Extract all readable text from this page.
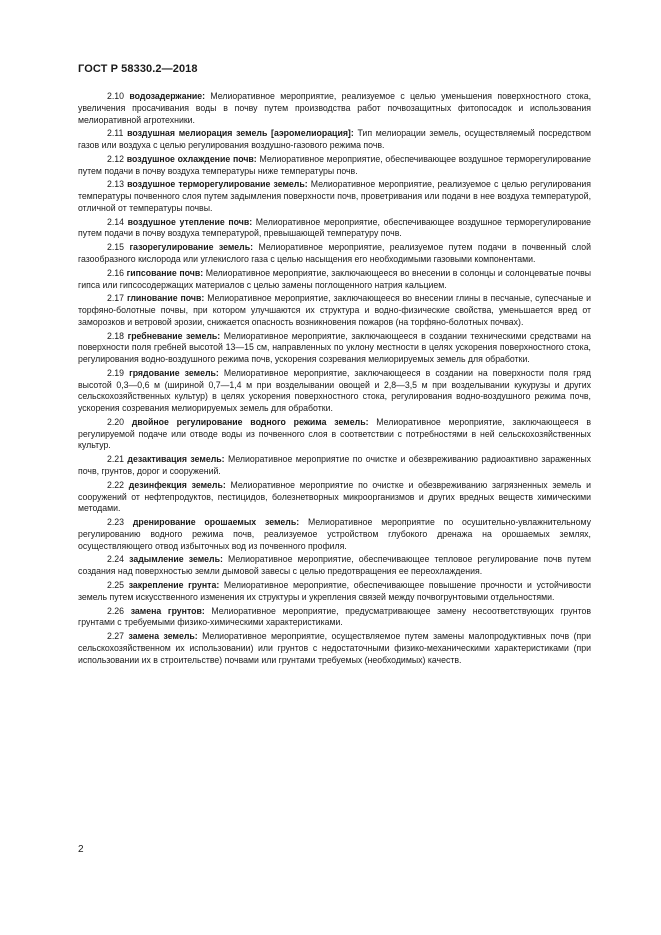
ГОСТ Р 58330.2—2018

2.10 водозадержание: Мелиоративное мероприятие, реализуемое с целью уменьшения поверхностного стока, увеличения просачивания воды в почву путем производства работ почвозащитных фитопосадок и использования мелиоративной агротехники.

2.11 воздушная мелиорация земель [аэромелиорация]: Тип мелиорации земель, осуществляемый посредством газов или воздуха с целью регулирования воздушно-газового режима почв.

2.12 воздушное охлаждение почв: Мелиоративное мероприятие, обеспечивающее воздушное терморегулирование путем подачи в почву воздуха температуры ниже температуры почв.

2.13 воздушное терморегулирование земель: Мелиоративное мероприятие, реализуемое с целью регулирования температуры почвенного слоя путем задымления поверхности почв, проветривания или подачи в нее воздуха температурой, отличной от температуры почвы.

2.14 воздушное утепление почв: Мелиоративное мероприятие, обеспечивающее воздушное терморегулирование путем подачи в почву воздуха температурой, превышающей температуру почв.

2.15 газорегулирование земель: Мелиоративное мероприятие, реализуемое путем подачи в почвенный слой газообразного кислорода или углекислого газа с целью насыщения его необходимыми газовыми компонентами.

2.16 гипсование почв: Мелиоративное мероприятие, заключающееся во внесении в солонцы и солонцеватые почвы гипса или гипсосодержащих материалов с целью замены поглощенного натрия кальцием.

2.17 глинование почв: Мелиоративное мероприятие, заключающееся во внесении глины в песчаные, супесчаные и торфяно-болотные почвы, при котором улучшаются их структура и водно-физические свойства, уменьшается вред от заморозков и ветровой эрозии, снижается опасность возникновения пожаров (на торфяно-болотных почвах).

2.18 гребневание земель: Мелиоративное мероприятие, заключающееся в создании техническими средствами на поверхности поля гребней высотой 13—15 см, направленных по уклону местности в целях ускорения поверхностного стока, регулирования водно-воздушного режима почв, ускорения созревания мелиорируемых земель для обработки.

2.19 грядование земель: Мелиоративное мероприятие, заключающееся в создании на поверхности поля гряд высотой 0,3—0,6 м (шириной 0,7—1,4 м при возделывании овощей и 2,8—3,5 м при возделывании кукурузы и других сельскохозяйственных культур) в целях ускорения поверхностного стока, регулирования водно-воздушного режима почв, ускорения созревания мелиорируемых земель для обработки.

2.20 двойное регулирование водного режима земель: Мелиоративное мероприятие, заключающееся в регулируемой подаче или отводе воды из почвенного слоя в соответствии с потребностями в ней сельскохозяйственных культур.

2.21 дезактивация земель: Мелиоративное мероприятие по очистке и обезвреживанию радиоактивно зараженных почв, грунтов, дорог и сооружений.

2.22 дезинфекция земель: Мелиоративное мероприятие по очистке и обезвреживанию загрязненных земель и сооружений от нефтепродуктов, пестицидов, болезнетворных микроорганизмов и других вредных веществ химическими методами.

2.23 дренирование орошаемых земель: Мелиоративное мероприятие по осушительно-увлажнительному регулированию водного режима почв, реализуемое устройством глубокого дренажа на орошаемых землях, осуществляющего отвод избыточных вод из почвенного профиля.

2.24 задымление земель: Мелиоративное мероприятие, обеспечивающее тепловое регулирование почв путем создания над поверхностью земли дымовой завесы с целью предотвращения ее переохлаждения.

2.25 закрепление грунта: Мелиоративное мероприятие, обеспечивающее повышение прочности и устойчивости земель путем искусственного изменения их структуры и укрепления связей между почвогрунтовыми отдельностями.

2.26 замена грунтов: Мелиоративное мероприятие, предусматривающее замену несоответствующих грунтов грунтами с требуемыми физико-химическими характеристиками.

2.27 замена земель: Мелиоративное мероприятие, осуществляемое путем замены малопродуктивных почв (при сельскохозяйственном их использовании) или грунтов с недостаточными физико-механическими характеристиками (при использовании их в строительстве) почвами или грунтами требуемых (необходимых) качеств.

2
